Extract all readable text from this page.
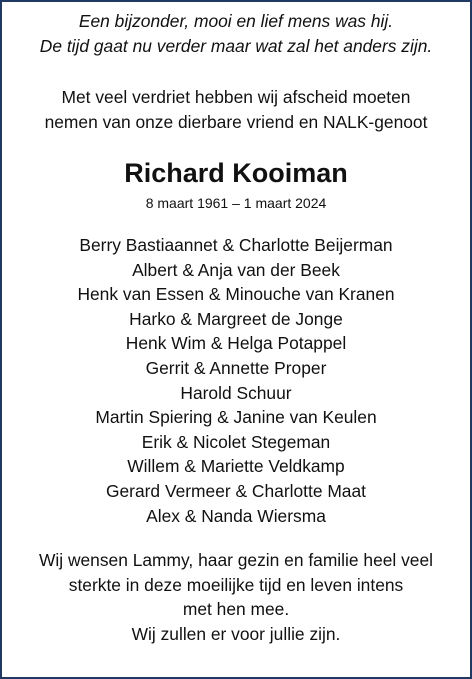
Een bijzonder, mooi en lief mens was hij.
De tijd gaat nu verder maar wat zal het anders zijn.
Met veel verdriet hebben wij afscheid moeten
nemen van onze dierbare vriend en NALK-genoot
Richard Kooiman
8 maart 1961 – 1 maart 2024
Berry Bastiaannet & Charlotte Beijerman
Albert & Anja van der Beek
Henk van Essen & Minouche van Kranen
Harko & Margreet de Jonge
Henk Wim & Helga Potappel
Gerrit & Annette Proper
Harold Schuur
Martin Spiering & Janine van Keulen
Erik & Nicolet Stegeman
Willem & Mariette Veldkamp
Gerard Vermeer & Charlotte Maat
Alex & Nanda Wiersma
Wij wensen Lammy, haar gezin en familie heel veel
sterkte in deze moeilijke tijd en leven intens
met hen mee.
Wij zullen er voor jullie zijn.
